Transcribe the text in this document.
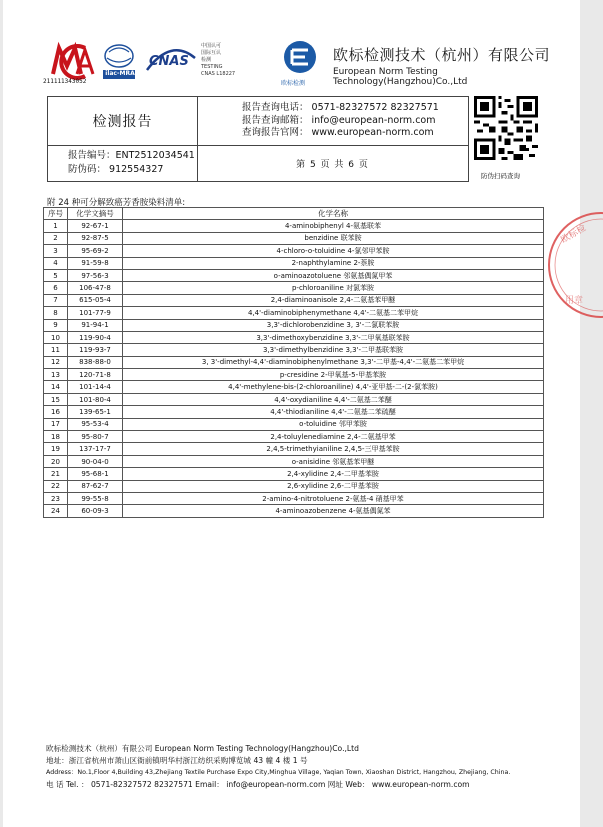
211111343052
ilac-MRA
CNAS
中国认可
国际互认
检测
TESTING
CNAS L18227
欧标检测
欧标检测技术（杭州）有限公司
European Norm Testing Technology(Hangzhou)Co.,Ltd
检测报告
报告查询电话： 0571-82327572 82327571
报告查询邮箱： info@european-norm.com
查询报告官网： www.european-norm.com
报告编号：ENT2512034541
防伪码： 912554327	第 5 页 共 6 页
防伪扫码查询
附 24 种可分解致癌芳香胺染料清单:
序号	化学文摘号	化学名称
1	92-67-1	4-aminobiphenyl 4-氨基联苯
2	92-87-5	benzidine 联苯胺
3	95-69-2	4-chloro-o-toluidine 4-氯邻甲苯胺
4	91-59-8	2-naphthylamine 2-萘胺
5	97-56-3	o-aminoazotoluene 邻氨基偶氮甲苯
6	106-47-8	p-chloroaniline 对氯苯胺
7	615-05-4	2,4-diaminoanisole 2,4-二氨基苯甲醚
8	101-77-9	4,4'-diaminobiphenymethane 4,4'-二氨基二苯甲烷
9	91-94-1	3,3'-dichlorobenzidine 3, 3'-二氯联苯胺
10	119-90-4	3,3'-dimethoxybenzidine 3,3'-二甲氧基联苯胺
11	119-93-7	3,3'-dimethylbenzidine 3,3'-二甲基联苯胺
12	838-88-0	3, 3'-dimethyl-4,4'-diaminobiphenylmethane 3,3'-二甲基-4,4'-二氨基二苯甲烷
13	120-71-8	p-cresidine 2-甲氧基-5-甲基苯胺
14	101-14-4	4,4'-methylene-bis-(2-chloroaniline) 4,4'-亚甲基-二-(2-氯苯胺)
15	101-80-4	4,4'-oxydianiline 4,4'-二氨基二苯醚
16	139-65-1	4,4'-thiodianiline 4,4'-二氨基二苯硫醚
17	95-53-4	o-toluidine 邻甲苯胺
18	95-80-7	2,4-toluylenediamine 2,4-二氨基甲苯
19	137-17-7	2,4,5-trimethyianiline 2,4,5-三甲基苯胺
20	90-04-0	o-anisidine 邻氨基苯甲醚
21	95-68-1	2,4-xylidine 2,4-二甲基苯胺
22	87-62-7	2,6-xylidine 2,6-二甲基苯胺
23	99-55-8	2-amino-4-nitrotoluene 2-氨基-4 硝基甲苯
24	60-09-3	4-aminoazobenzene 4-氨基偶氮苯
欧标检
用章
欧标检测技术（杭州）有限公司 European Norm Testing Technology(Hangzhou)Co.,Ltd
地址：浙江省杭州市萧山区衙前镇明华村浙江纺织采购博览城 43 幢 4 楼 1 号
Address：No.1,Floor 4,Building 43,Zhejiang Textile Purchase Expo City,Minghua Village, Yaqian Town, Xiaoshan District, Hangzhou, Zhejiang, China.
电 话 Tel. ： 0571-82327572 82327571 Email： info@european-norm.com 网址 Web： www.european-norm.com
